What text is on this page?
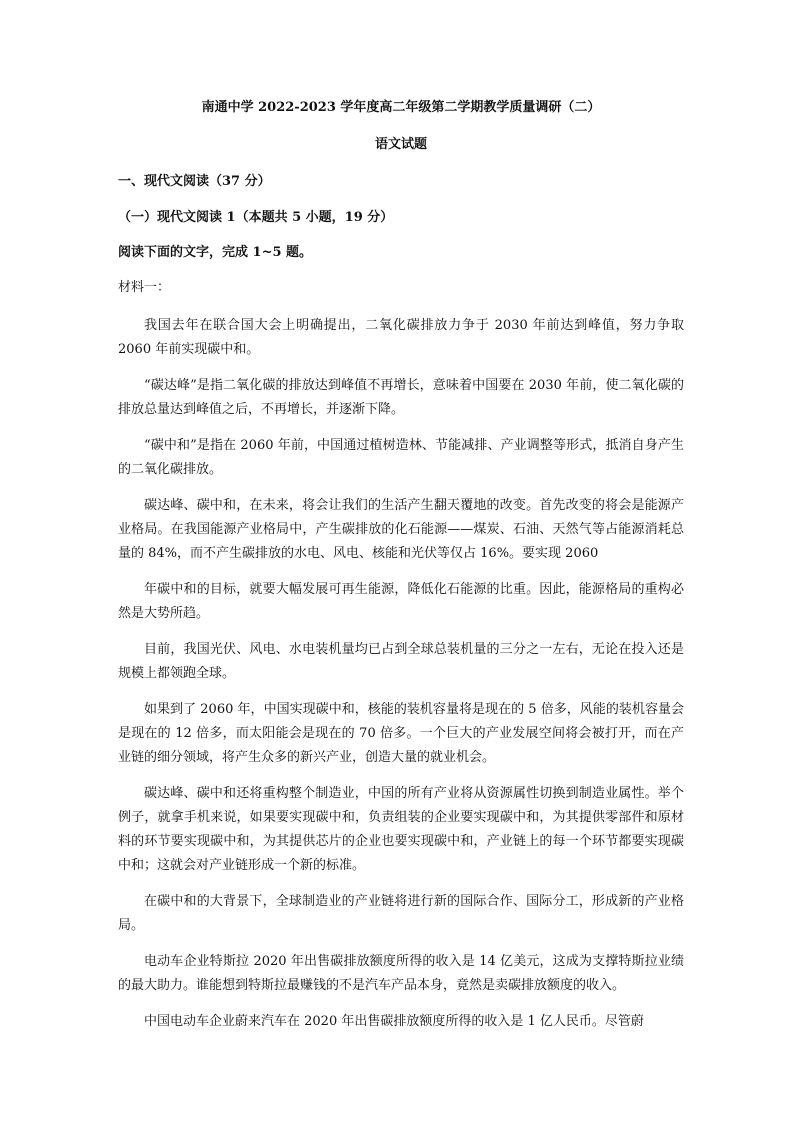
南通中学 2022-2023 学年度高二年级第二学期教学质量调研（二）
语文试题
一、现代文阅读（37 分）
（一）现代文阅读 1（本题共 5 小题，19 分）
阅读下面的文字，完成 1~5 题。
材料一：

我国去年在联合国大会上明确提出，二氧化碳排放力争于 2030 年前达到峰值，努力争取 2060 年前实现碳中和。

“碳达峰”是指二氧化碳的排放达到峰值不再增长，意味着中国要在 2030 年前，使二氧化碳的排放总量达到峰值之后，不再增长，并逐渐下降。

“碳中和”是指在 2060 年前，中国通过植树造林、节能减排、产业调整等形式，抵消自身产生的二氧化碳排放。

碳达峰、碳中和，在未来，将会让我们的生活产生翻天覆地的改变。首先改变的将会是能源产业格局。在我国能源产业格局中，产生碳排放的化石能源——煤炭、石油、天然气等占能源消耗总量的 84%，而不产生碳排放的水电、风电、核能和光伏等仅占 16%。要实现 2060

年碳中和的目标，就要大幅发展可再生能源，降低化石能源的比重。因此，能源格局的重构必然是大势所趋。

目前，我国光伏、风电、水电装机量均已占到全球总装机量的三分之一左右，无论在投入还是规模上都领跑全球。

如果到了 2060 年，中国实现碳中和，核能的装机容量将是现在的 5 倍多，风能的装机容量会是现在的 12 倍多，而太阳能会是现在的 70 倍多。一个巨大的产业发展空间将会被打开，而在产业链的细分领域，将产生众多的新兴产业，创造大量的就业机会。

碳达峰、碳中和还将重构整个制造业，中国的所有产业将从资源属性切换到制造业属性。举个例子，就拿手机来说，如果要实现碳中和，负责组装的企业要实现碳中和，为其提供零部件和原材料的环节要实现碳中和，为其提供芯片的企业也要实现碳中和，产业链上的每一个环节都要实现碳中和；这就会对产业链形成一个新的标准。

在碳中和的大背景下，全球制造业的产业链将进行新的国际合作、国际分工，形成新的产业格局。

电动车企业特斯拉 2020 年出售碳排放额度所得的收入是 14 亿美元，这成为支撑特斯拉业绩的最大助力。谁能想到特斯拉最赚钱的不是汽车产品本身，竟然是卖碳排放额度的收入。

中国电动车企业蔚来汽车在 2020 年出售碳排放额度所得的收入是 1 亿人民币。尽管蔚
